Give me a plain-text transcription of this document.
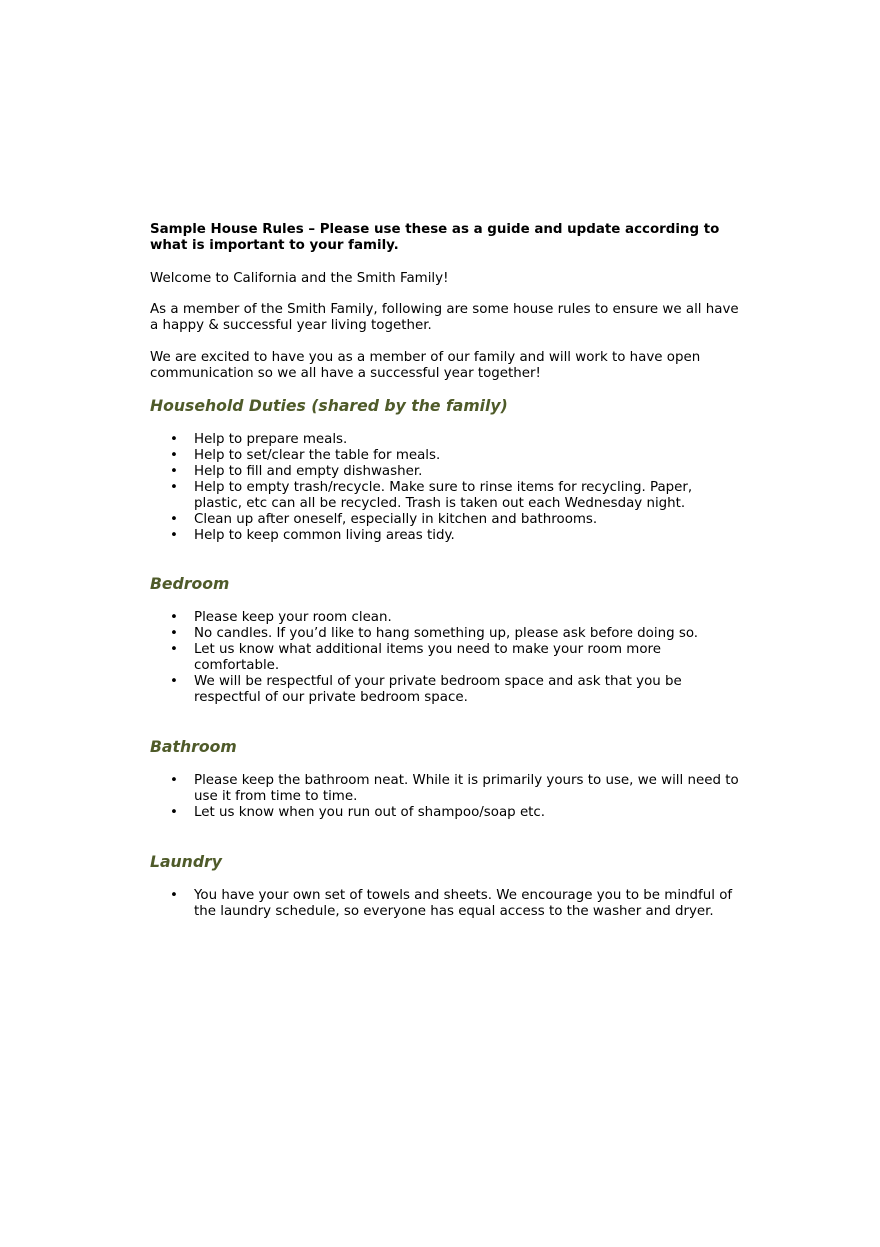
Sample House Rules – Please use these as a guide and update according to what is important to your family.

Welcome to California and the Smith Family!

As a member of the Smith Family, following are some house rules to ensure we all have a happy & successful year living together.

We are excited to have you as a member of our family and will work to have open communication so we all have a successful year together!

Household Duties (shared by the family)
• Help to prepare meals.
• Help to set/clear the table for meals.
• Help to fill and empty dishwasher.
• Help to empty trash/recycle. Make sure to rinse items for recycling. Paper, plastic, etc can all be recycled. Trash is taken out each Wednesday night.
• Clean up after oneself, especially in kitchen and bathrooms.
• Help to keep common living areas tidy.
Bedroom
• Please keep your room clean.
• No candles. If you’d like to hang something up, please ask before doing so.
• Let us know what additional items you need to make your room more comfortable.
• We will be respectful of your private bedroom space and ask that you be respectful of our private bedroom space.
Bathroom
• Please keep the bathroom neat. While it is primarily yours to use, we will need to use it from time to time.
• Let us know when you run out of shampoo/soap etc.
Laundry
• You have your own set of towels and sheets. We encourage you to be mindful of the laundry schedule, so everyone has equal access to the washer and dryer.
